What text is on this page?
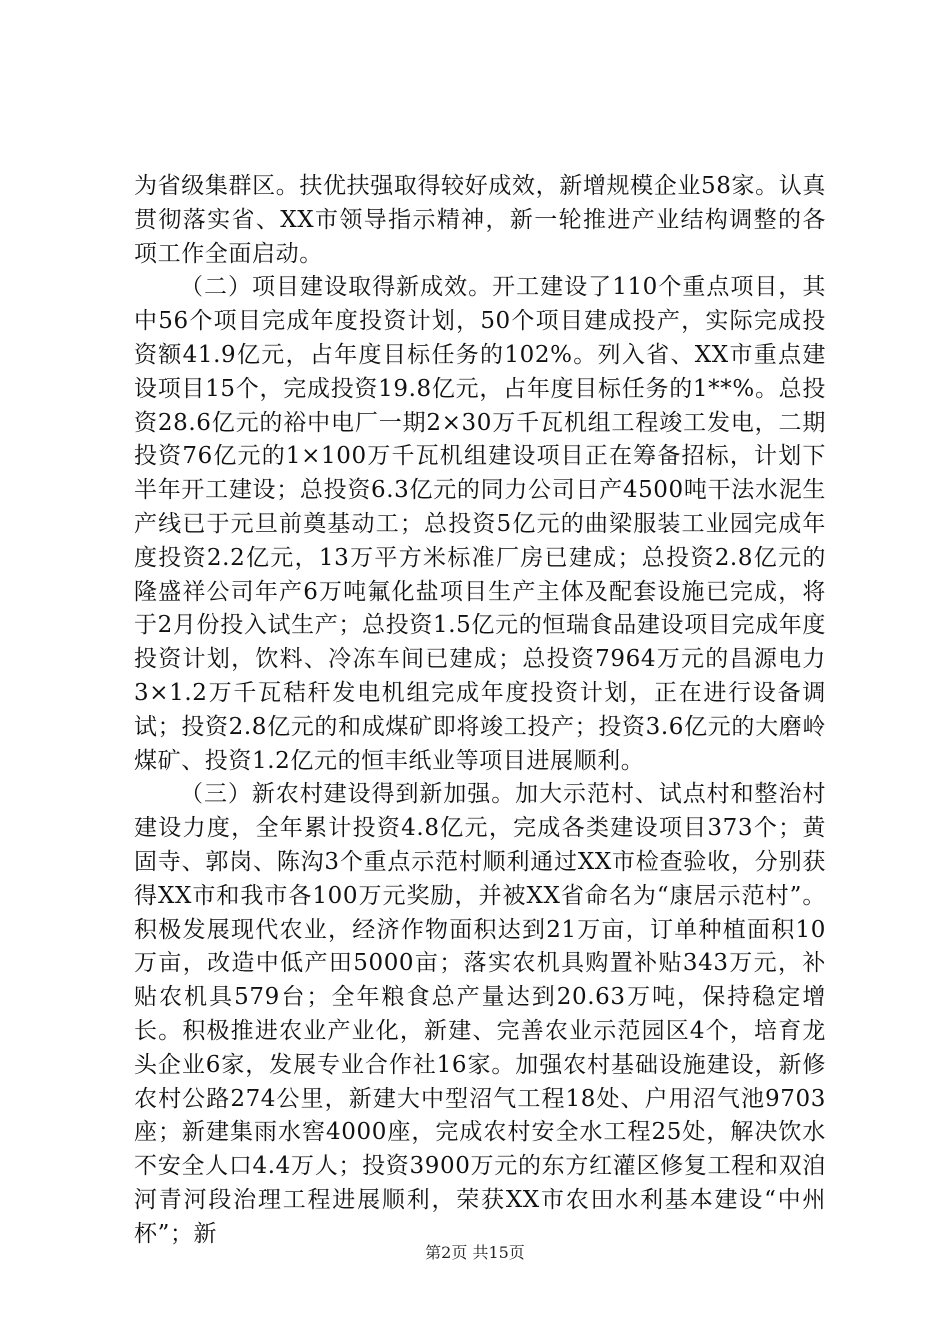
为省级集群区。扶优扶强取得较好成效，新增规模企业58家。认真贯彻落实省、XX市领导指示精神，新一轮推进产业结构调整的各项工作全面启动。

（二）项目建设取得新成效。开工建设了110个重点项目，其中56个项目完成年度投资计划，50个项目建成投产，实际完成投资额41.9亿元，占年度目标任务的102%。列入省、XX市重点建设项目15个，完成投资19.8亿元，占年度目标任务的1**%。总投资28.6亿元的裕中电厂一期2×30万千瓦机组工程竣工发电，二期投资76亿元的1×100万千瓦机组建设项目正在筹备招标，计划下半年开工建设；总投资6.3亿元的同力公司日产4500吨干法水泥生产线已于元旦前奠基动工；总投资5亿元的曲梁服装工业园完成年度投资2.2亿元，13万平方米标准厂房已建成；总投资2.8亿元的隆盛祥公司年产6万吨氟化盐项目生产主体及配套设施已完成，将于2月份投入试生产；总投资1.5亿元的恒瑞食品建设项目完成年度投资计划，饮料、冷冻车间已建成；总投资7964万元的昌源电力3×1.2万千瓦秸秆发电机组完成年度投资计划，正在进行设备调试；投资2.8亿元的和成煤矿即将竣工投产；投资3.6亿元的大磨岭煤矿、投资1.2亿元的恒丰纸业等项目进展顺利。

（三）新农村建设得到新加强。加大示范村、试点村和整治村建设力度，全年累计投资4.8亿元，完成各类建设项目373个；黄固寺、郭岗、陈沟3个重点示范村顺利通过XX市检查验收，分别获得XX市和我市各100万元奖励，并被XX省命名为“康居示范村”。积极发展现代农业，经济作物面积达到21万亩，订单种植面积10万亩，改造中低产田5000亩；落实农机具购置补贴343万元，补贴农机具579台；全年粮食总产量达到20.63万吨，保持稳定增长。积极推进农业产业化，新建、完善农业示范园区4个，培育龙头企业6家，发展专业合作社16家。加强农村基础设施建设，新修农村公路274公里，新建大中型沼气工程18处、户用沼气池9703座；新建集雨水窖4000座，完成农村安全水工程25处，解决饮水不安全人口4.4万人；投资3900万元的东方红灌区修复工程和双洎河青河段治理工程进展顺利，荣获XX市农田水利基本建设“中州杯”；新

第2页 共15页
